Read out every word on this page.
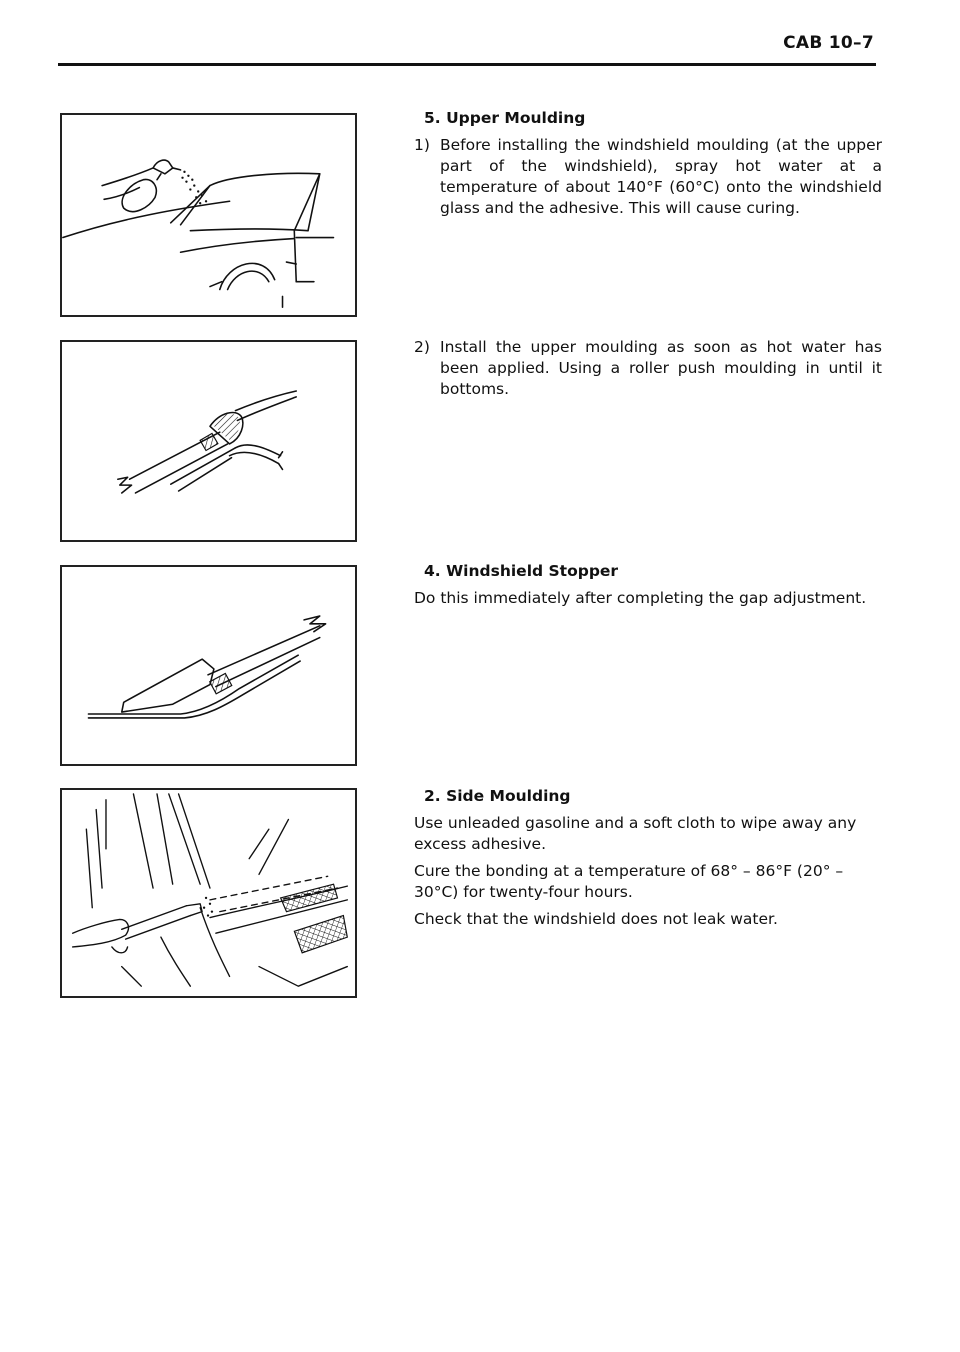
CAB 10–7
5. Upper Moulding
1) Before installing the windshield moulding (at the upper part of the windshield), spray hot water at a temperature of about 140°F (60°C) onto the windshield glass and the adhesive. This will cause curing.
2) Install the upper moulding as soon as hot water has been applied. Using a roller push moulding in until it bottoms.
4. Windshield Stopper

Do this immediately after completing the gap adjustment.

2. Side Moulding

Use unleaded gasoline and a soft cloth to wipe away any excess adhesive.

Cure the bonding at a temperature of 68° – 86°F (20° – 30°C) for twenty-four hours.

Check that the windshield does not leak water.
